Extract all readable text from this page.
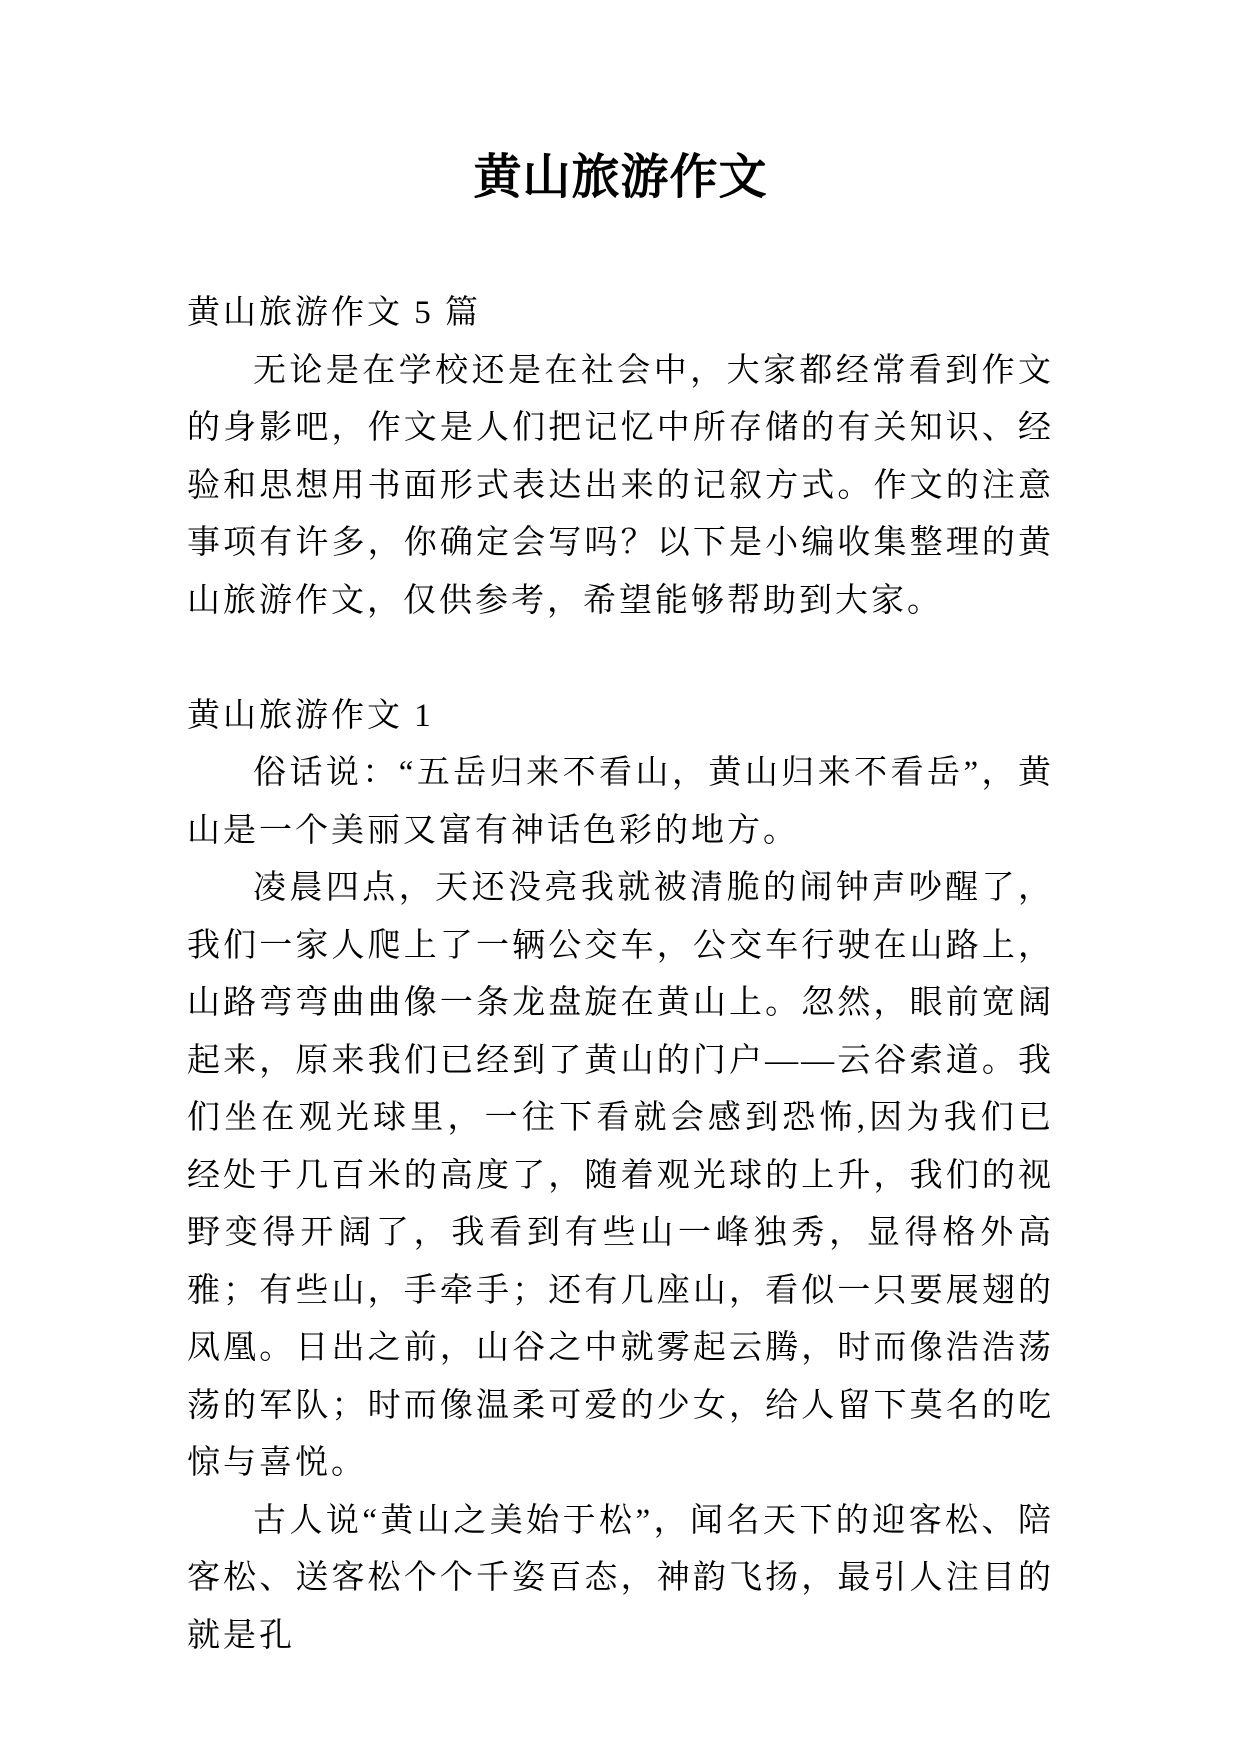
黄山旅游作文

黄山旅游作文 5 篇

无论是在学校还是在社会中，大家都经常看到作文的身影吧，作文是人们把记忆中所存储的有关知识、经验和思想用书面形式表达出来的记叙方式。作文的注意事项有许多，你确定会写吗？以下是小编收集整理的黄山旅游作文，仅供参考，希望能够帮助到大家。

黄山旅游作文 1

俗话说：“五岳归来不看山，黄山归来不看岳”，黄山是一个美丽又富有神话色彩的地方。

凌晨四点，天还没亮我就被清脆的闹钟声吵醒了，我们一家人爬上了一辆公交车，公交车行驶在山路上，山路弯弯曲曲像一条龙盘旋在黄山上。忽然，眼前宽阔起来，原来我们已经到了黄山的门户——云谷索道。我们坐在观光球里，一往下看就会感到恐怖,因为我们已经处于几百米的高度了，随着观光球的上升，我们的视野变得开阔了，我看到有些山一峰独秀，显得格外高雅；有些山，手牵手；还有几座山，看似一只要展翅的凤凰。日出之前，山谷之中就雾起云腾，时而像浩浩荡荡的军队；时而像温柔可爱的少女，给人留下莫名的吃惊与喜悦。

古人说“黄山之美始于松”，闻名天下的迎客松、陪客松、送客松个个千姿百态，神韵飞扬，最引人注目的就是孔
